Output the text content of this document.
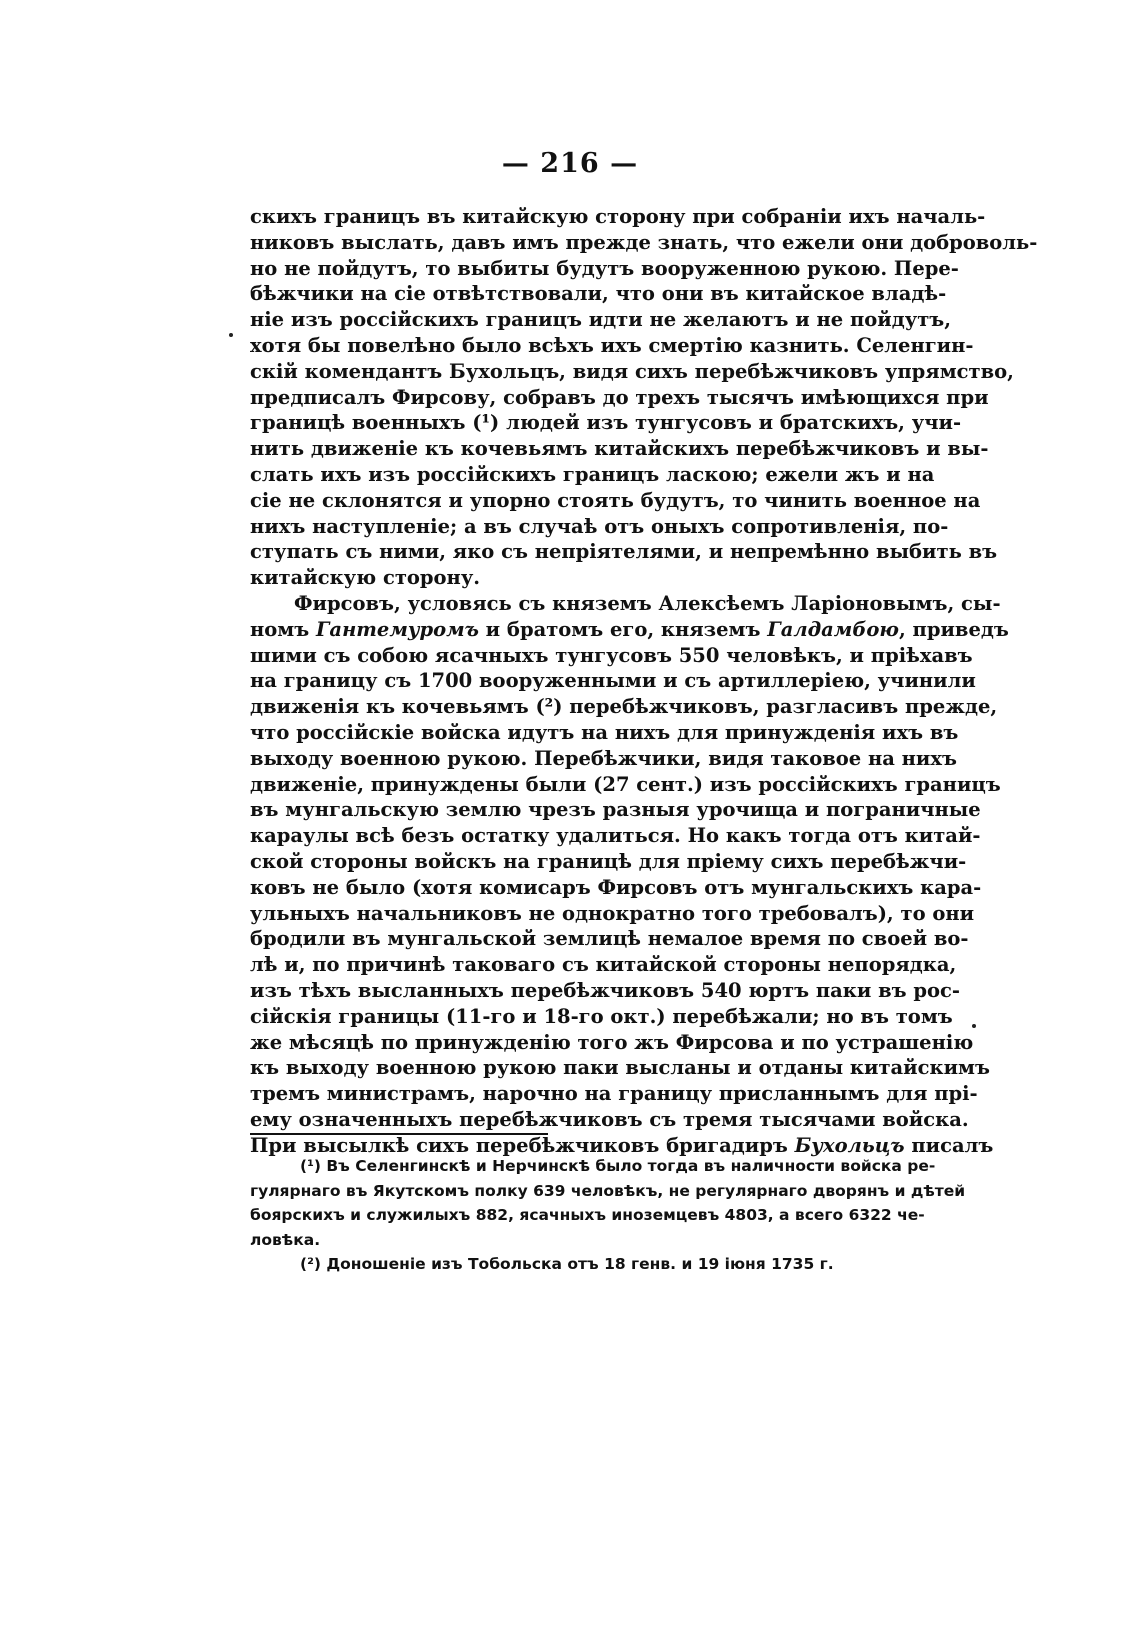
— 216 —
скихъ границъ въ китайскую сторону при собраніи ихъ началь-
никовъ выслать, давъ имъ прежде знать, что ежели они доброволь-
но не пойдутъ, то выбиты будутъ вооруженною рукою. Пере-
бѣжчики на сіе отвѣтствовали, что они въ китайское владѣ-
ніе изъ россійскихъ границъ идти не желаютъ и не пойдутъ,
хотя бы повелѣно было всѣхъ ихъ смертію казнить. Селенгин-
скій комендантъ Бухольцъ, видя сихъ перебѣжчиковъ упрямство,
предписалъ Фирсову, собравъ до трехъ тысячъ имѣющихся при
границѣ военныхъ (¹) людей изъ тунгусовъ и братскихъ, учи-
нить движеніе къ кочевьямъ китайскихъ перебѣжчиковъ и вы-
слать ихъ изъ россійскихъ границъ ласкою; ежели жъ и на
сіе не склонятся и упорно стоять будутъ, то чинить военное на
нихъ наступленіе; а въ случаѣ отъ оныхъ сопротивленія, по-
ступать съ ними, яко съ непріятелями, и непремѣнно выбить въ
китайскую сторону.
Фирсовъ, условясь съ княземъ Алексѣемъ Ларіоновымъ, сы-
номъ Гантемуромъ и братомъ его, княземъ Галдамбою, приведъ
шими съ собою ясачныхъ тунгусовъ 550 человѣкъ, и пріѣхавъ
на границу съ 1700 вооруженными и съ артиллеріею, учинили
движенія къ кочевьямъ (²) перебѣжчиковъ, разгласивъ прежде,
что россійскіе войска идутъ на нихъ для принужденія ихъ въ
выходу военною рукою. Перебѣжчики, видя таковое на нихъ
движеніе, принуждены были (27 сент.) изъ россійскихъ границъ
въ мунгальскую землю чрезъ разныя урочища и пограничные
караулы всѣ безъ остатку удалиться. Но какъ тогда отъ китай-
ской стороны войскъ на границѣ для пріему сихъ перебѣжчи-
ковъ не было (хотя комисаръ Фирсовъ отъ мунгальскихъ кара-
ульныхъ начальниковъ не однократно того требовалъ), то они
бродили въ мунгальской землицѣ немалое время по своей во-
лѣ и, по причинѣ таковаго съ китайской стороны непорядка,
изъ тѣхъ высланныхъ перебѣжчиковъ 540 юртъ паки въ рос-
сійскія границы (11-го и 18-го окт.) перебѣжали; но въ томъ
же мѣсяцѣ по принужденію того жъ Фирсова и по устрашенію
къ выходу военною рукою паки высланы и отданы китайскимъ
тремъ министрамъ, нарочно на границу присланнымъ для прі-
ему означенныхъ перебѣжчиковъ съ тремя тысячами войска.
При высылкѣ сихъ перебѣжчиковъ бригадиръ Бухольцъ писалъ
(¹) Въ Селенгинскѣ и Нерчинскѣ было тогда въ наличности войска ре-
гулярнаго въ Якутскомъ полку 639 человѣкъ, не регулярнаго дворянъ и дѣтей
боярскихъ и служилыхъ 882, ясачныхъ иноземцевъ 4803, а всего 6322 че-
ловѣка.
(²) Доношеніе изъ Тобольска отъ 18 генв. и 19 іюня 1735 г.
